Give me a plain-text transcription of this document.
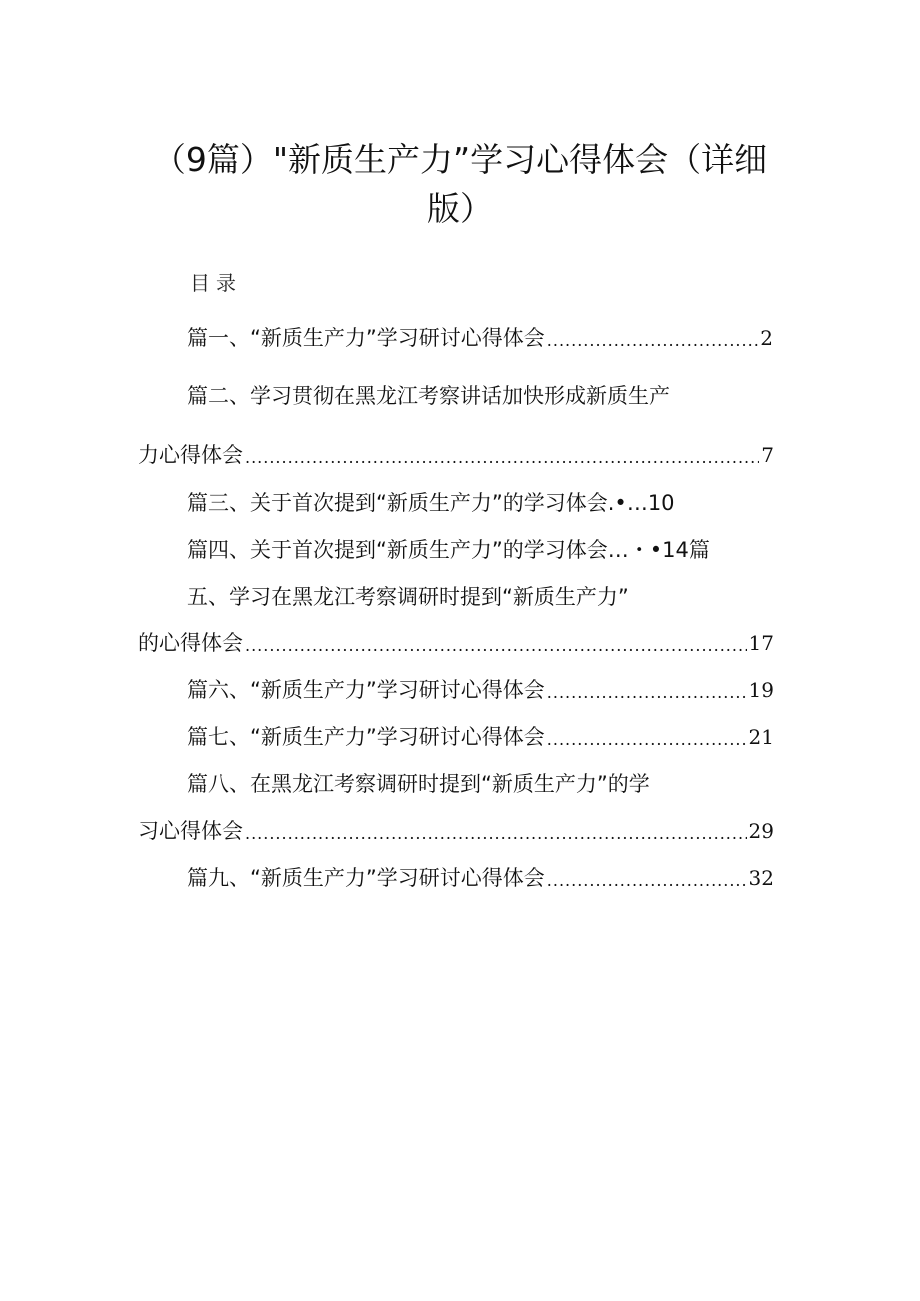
（9篇）"新质生产力”学习心得体会（详细
版）
目录
篇一、“新质生产力”学习研讨心得体会 .....	2
篇二、学习贯彻在黑龙江考察讲话加快形成新质生产
力心得体会 .....	7
篇三、关于首次提到“新质生产力”的学习体会.•…10
篇四、关于首次提到“新质生产力”的学习体会…・•14篇
五、学习在黑龙江考察调研时提到“新质生产力”
的心得体会 .....	17
篇六、“新质生产力”学习研讨心得体会 .....	19
篇七、“新质生产力”学习研讨心得体会 .....	21
篇八、在黑龙江考察调研时提到“新质生产力”的学
习心得体会 .....	29
篇九、“新质生产力”学习研讨心得体会 .....	32
